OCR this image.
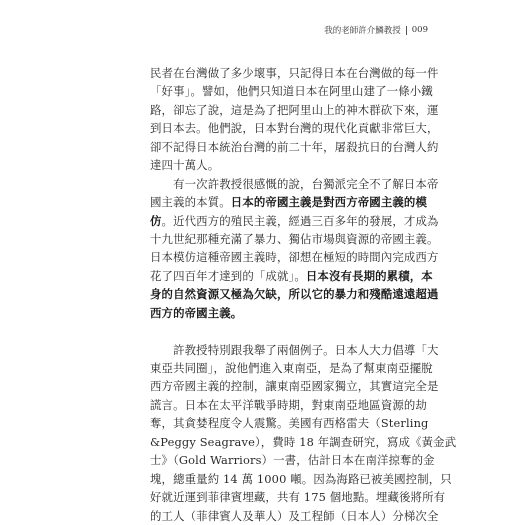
我的老師許介鱗教授 009
民者在台灣做了多少壞事，只記得日本在台灣做的每一件
「好事」。譬如，他們只知道日本在阿里山建了一條小鐵
路，卻忘了說，這是為了把阿里山上的神木群砍下來，運
到日本去。他們說，日本對台灣的現代化貢獻非常巨大，
卻不記得日本統治台灣的前二十年，屠殺抗日的台灣人約
達四十萬人。
　　有一次許教授很感慨的說，台獨派完全不了解日本帝
國主義的本質。日本的帝國主義是對西方帝國主義的模
仿。近代西方的殖民主義，經過三百多年的發展，才成為
十九世紀那種充滿了暴力、獨佔市場與資源的帝國主義。
日本模仿這種帝國主義時，卻想在極短的時間內完成西方
花了四百年才達到的「成就」。日本沒有長期的累積，本
身的自然資源又極為欠缺，所以它的暴力和殘酷遠遠超過
西方的帝國主義。
　　許教授特別跟我舉了兩個例子。日本人大力倡導「大
東亞共同圈」，說他們進入東南亞，是為了幫東南亞擺脫
西方帝國主義的控制，讓東南亞國家獨立，其實這完全是
謊言。日本在太平洋戰爭時期，對東南亞地區資源的劫
奪，其貪婪程度令人震驚。美國有西格雷夫（Sterling
&Peggy Seagrave），費時 18 年調查研究，寫成《黃金武
士》（Gold Warriors）一書，估計日本在南洋掠奪的金
塊，總重量約 14 萬 1000 噸。因為海路已被美國控制，只
好就近運到菲律賓埋藏，共有 175 個地點。埋藏後將所有
的工人（菲律賓人及華人）及工程師（日本人）分梯次全
